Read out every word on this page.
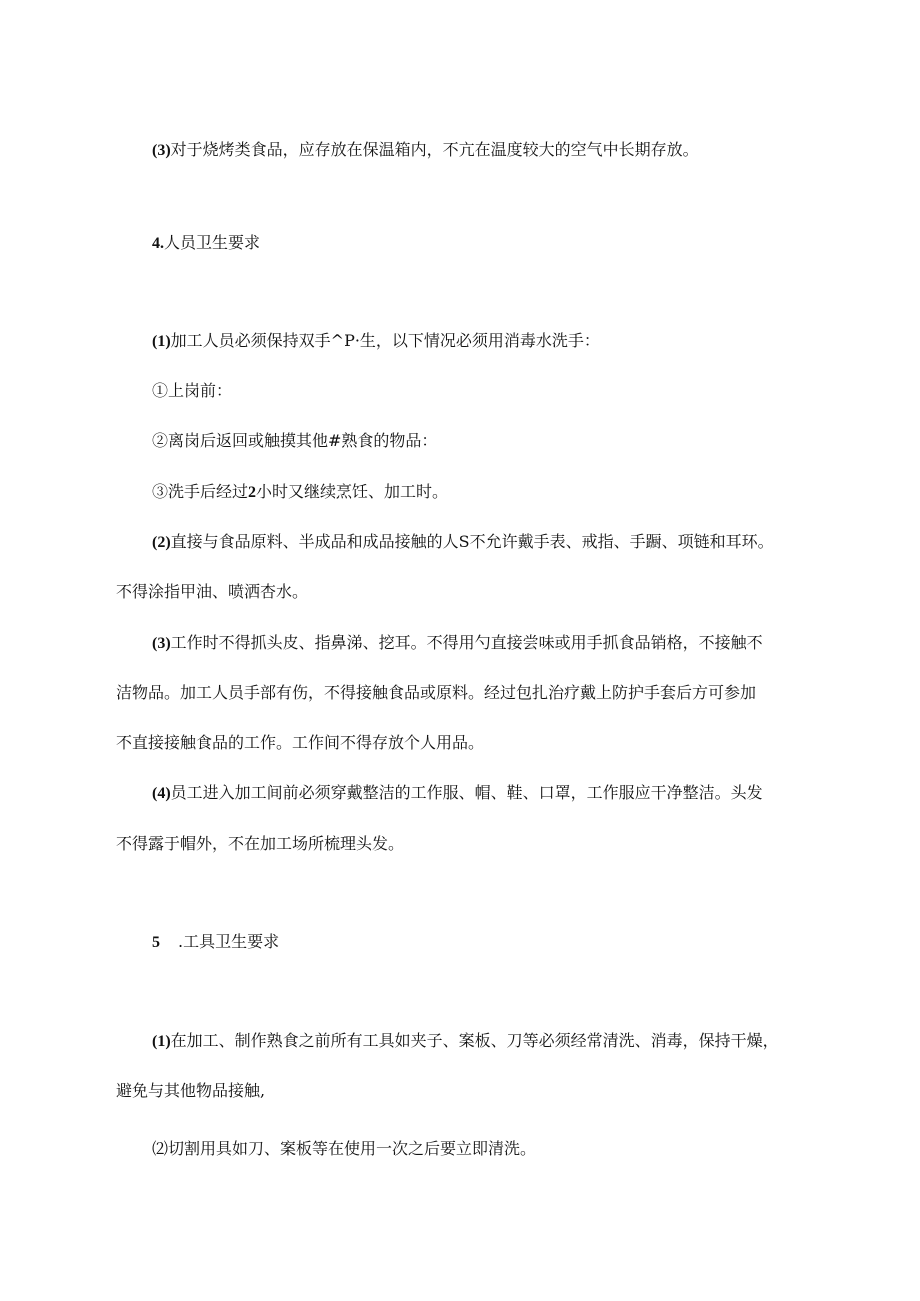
(3)对于烧烤类食品，应存放在保温箱内，不亢在温度较大的空气中长期存放。
4.人员卫生要求
(1)加工人员必须保持双手^P·生，以下情况必须用消毒水洗手：
①上岗前：
②离岗后返回或触摸其他#熟食的物品：
③洗手后经过2小时又继续烹饪、加工时。
(2)直接与食品原料、半成品和成品接触的人S不允许戴手表、戒指、手蹰、项链和耳环。
不得涂指甲油、喷洒杏水。
(3)工作时不得抓头皮、指鼻涕、挖耳。不得用勺直接尝味或用手抓食品销格，不接触不
洁物品。加工人员手部有伤，不得接触食品或原料。经过包扎治疗戴上防护手套后方可参加
不直接接触食品的工作。工作间不得存放个人用品。
(4)员工进入加工间前必须穿戴整洁的工作服、帽、鞋、口罩，工作服应干净整洁。头发
不得露于帽外，不在加工场所梳理头发。
5 .工具卫生要求
(1)在加工、制作熟食之前所有工具如夹子、案板、刀等必须经常清洗、消毒，保持干燥，
避免与其他物品接触,
⑵切割用具如刀、案板等在使用一次之后要立即清洗。
